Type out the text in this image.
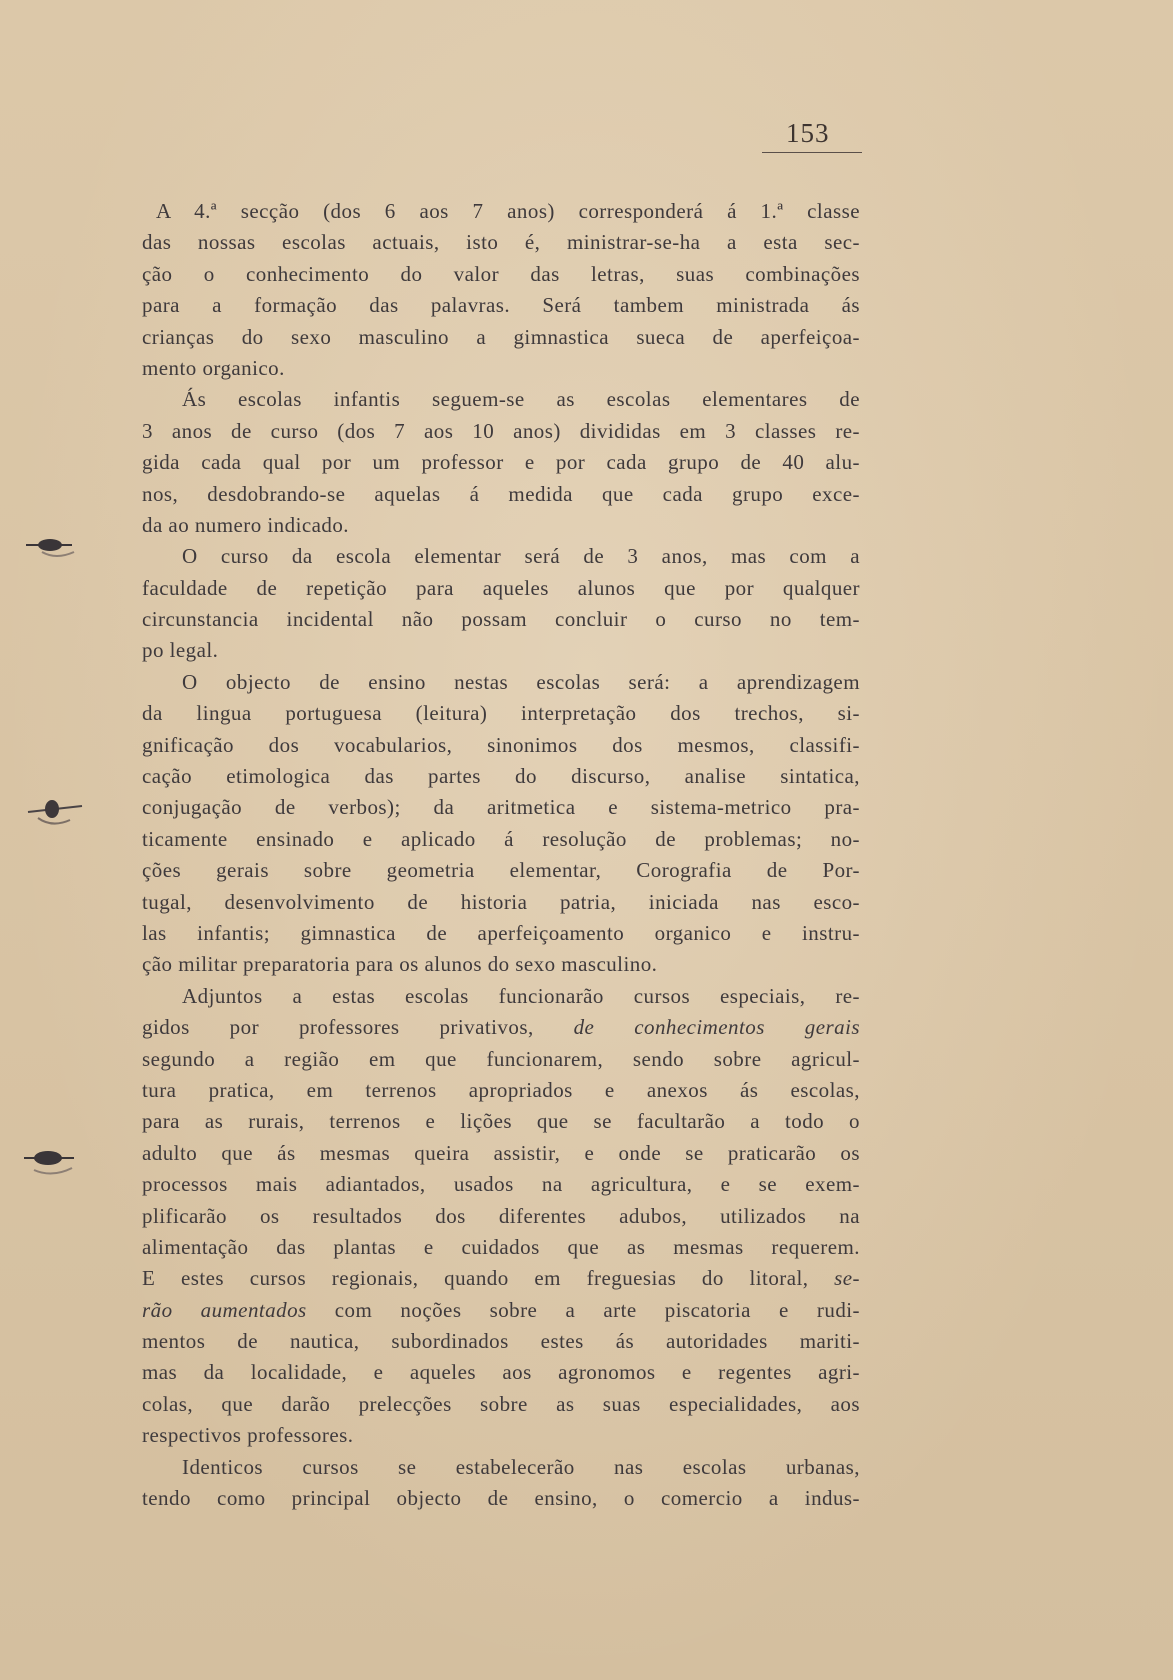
153
A 4.ª secção (dos 6 aos 7 anos) corresponderá á 1.ª classe
das nossas escolas actuais, isto é, ministrar-se-ha a esta sec-
ção o conhecimento do valor das letras, suas combinações
para a formação das palavras. Será tambem ministrada ás
crianças do sexo masculino a gimnastica sueca de aperfeiçoa-
mento organico.
Ás escolas infantis seguem-se as escolas elementares de
3 anos de curso (dos 7 aos 10 anos) divididas em 3 classes re-
gida cada qual por um professor e por cada grupo de 40 alu-
nos, desdobrando-se aquelas á medida que cada grupo exce-
da ao numero indicado.
O curso da escola elementar será de 3 anos, mas com a
faculdade de repetição para aqueles alunos que por qualquer
circunstancia incidental não possam concluir o curso no tem-
po legal.
O objecto de ensino nestas escolas será: a aprendizagem
da lingua portuguesa (leitura) interpretação dos trechos, si-
gnificação dos vocabularios, sinonimos dos mesmos, classifi-
cação etimologica das partes do discurso, analise sintatica,
conjugação de verbos); da aritmetica e sistema-metrico pra-
ticamente ensinado e aplicado á resolução de problemas; no-
ções gerais sobre geometria elementar, Corografia de Por-
tugal, desenvolvimento de historia patria, iniciada nas esco-
las infantis; gimnastica de aperfeiçoamento organico e instru-
ção militar preparatoria para os alunos do sexo masculino.
Adjuntos a estas escolas funcionarão cursos especiais, re-
gidos por professores privativos, de conhecimentos gerais
segundo a região em que funcionarem, sendo sobre agricul-
tura pratica, em terrenos apropriados e anexos ás escolas,
para as rurais, terrenos e lições que se facultarão a todo o
adulto que ás mesmas queira assistir, e onde se praticarão os
processos mais adiantados, usados na agricultura, e se exem-
plificarão os resultados dos diferentes adubos, utilizados na
alimentação das plantas e cuidados que as mesmas requerem.
E estes cursos regionais, quando em freguesias do litoral, se-
rão aumentados com noções sobre a arte piscatoria e rudi-
mentos de nautica, subordinados estes ás autoridades mariti-
mas da localidade, e aqueles aos agronomos e regentes agri-
colas, que darão prelecções sobre as suas especialidades, aos
respectivos professores.
Identicos cursos se estabelecerão nas escolas urbanas,
tendo como principal objecto de ensino, o comercio a indus-
